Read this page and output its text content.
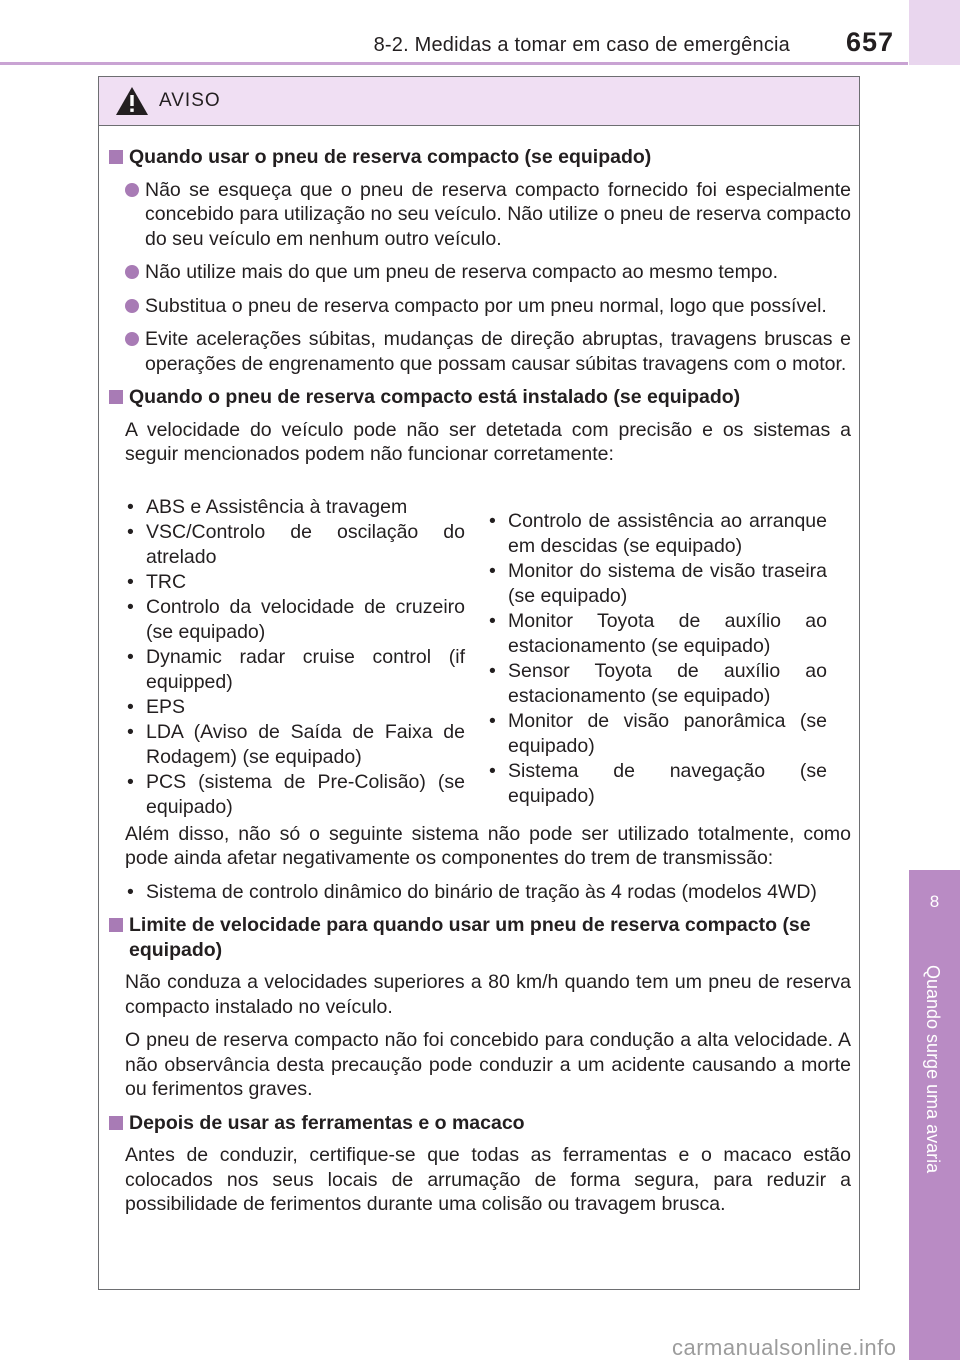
8-2. Medidas a tomar em caso de emergência 657
8
Quando surge uma avaria
AVISO
Quando usar o pneu de reserva compacto (se equipado)
Não se esqueça que o pneu de reserva compacto fornecido foi especialmente concebido para utilização no seu veículo. Não utilize o pneu de reserva compacto do seu veículo em nenhum outro veículo.
Não utilize mais do que um pneu de reserva compacto ao mesmo tempo.
Substitua o pneu de reserva compacto por um pneu normal, logo que possível.
Evite acelerações súbitas, mudanças de direção abruptas, travagens bruscas e operações de engrenamento que possam causar súbitas travagens com o motor.
Quando o pneu de reserva compacto está instalado (se equipado)
A velocidade do veículo pode não ser detetada com precisão e os sistemas a seguir mencionados podem não funcionar corretamente:
• ABS e Assistência à travagem
• VSC/Controlo de oscilação do atrelado
• TRC
• Controlo da velocidade de cruzeiro (se equipado)
• Dynamic radar cruise control (if equipped)
• EPS
• LDA (Aviso de Saída de Faixa de Rodagem) (se equipado)
• PCS (sistema de Pre-Colisão) (se equipado)
• Controlo de assistência ao arranque em descidas (se equipado)
• Monitor do sistema de visão traseira (se equipado)
• Monitor Toyota de auxílio ao estacionamento (se equipado)
• Sensor Toyota de auxílio ao estacionamento (se equipado)
• Monitor de visão panorâmica (se equipado)
• Sistema de navegação (se equipado)
Além disso, não só o seguinte sistema não pode ser utilizado totalmente, como pode ainda afetar negativamente os componentes do trem de transmissão:
• Sistema de controlo dinâmico do binário de tração às 4 rodas (modelos 4WD)
Limite de velocidade para quando usar um pneu de reserva compacto (se equipado)
Não conduza a velocidades superiores a 80 km/h quando tem um pneu de reserva compacto instalado no veículo.
O pneu de reserva compacto não foi concebido para condução a alta velocidade. A não observância desta precaução pode conduzir a um acidente causando a morte ou ferimentos graves.
Depois de usar as ferramentas e o macaco
Antes de conduzir, certifique-se que todas as ferramentas e o macaco estão colocados nos seus locais de arrumação de forma segura, para reduzir a possibilidade de ferimentos durante uma colisão ou travagem brusca.
carmanualsonline.info
